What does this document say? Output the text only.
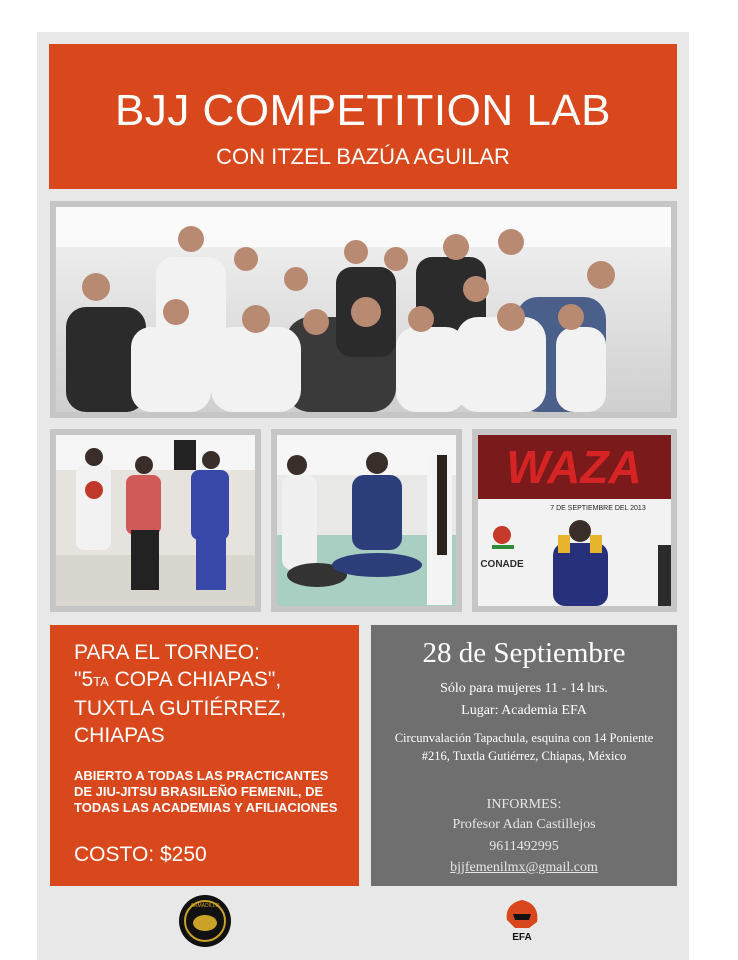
BJJ COMPETITION LAB
CON ITZEL BAZÚA AGUILAR
WAZA
7 DE SEPTIEMBRE DEL 2013
CONADE
PARA EL TORNEO:
"5TA COPA CHIAPAS",
TUXTLA GUTIÉRREZ,
CHIAPAS
ABIERTO A TODAS LAS PRACTICANTES DE JIU-JITSU BRASILEÑO FEMENIL, DE TODAS LAS ACADEMIAS Y AFILIACIONES
COSTO: $250
28 de Septiembre
Sólo para mujeres 11 - 14 hrs.
Lugar: Academia EFA
Circunvalación Tapachula, esquina con 14 Poniente #216, Tuxtla Gutiérrez, Chiapas, México
INFORMES:
Profesor Adan Castillejos
9611492995
bjjfemenilmx@gmail.com
ARMADILLO
EFA
